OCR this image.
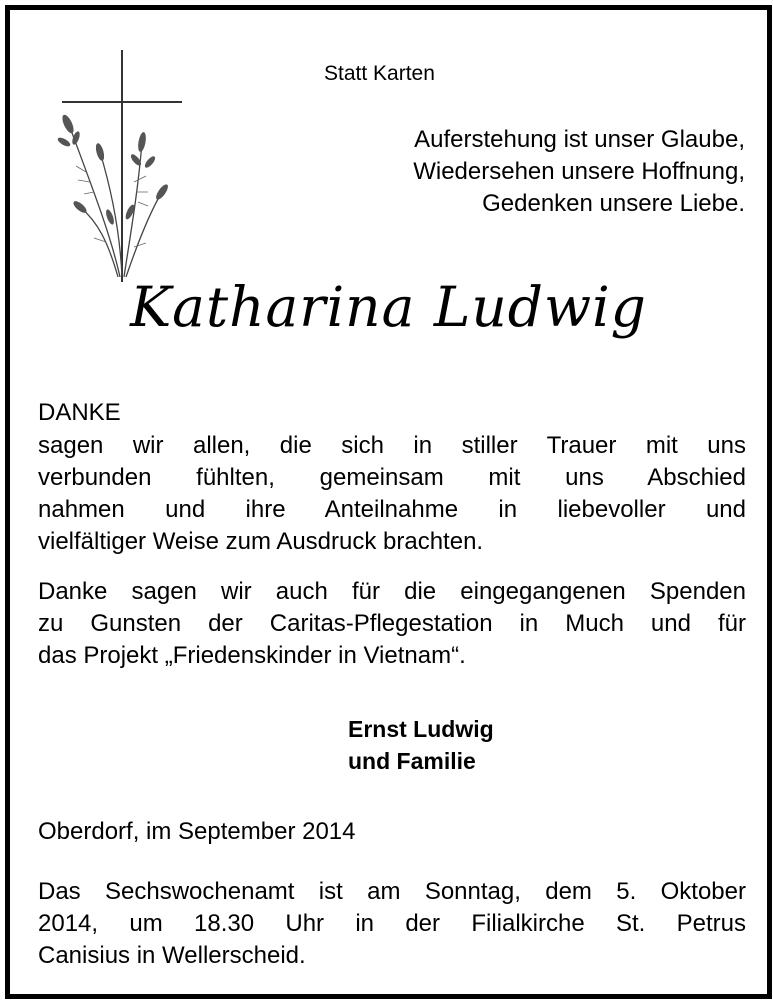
Statt Karten
Auferstehung ist unser Glaube,
Wiedersehen unsere Hoffnung,
Gedenken unsere Liebe.
Katharina Ludwig
DANKE
sagen wir allen, die sich in stiller Trauer mit uns
verbunden fühlten, gemeinsam mit uns Abschied
nahmen und ihre Anteilnahme in liebevoller und
vielfältiger Weise zum Ausdruck brachten.
Danke sagen wir auch für die eingegangenen Spenden
zu Gunsten der Caritas-Pflegestation in Much und für
das Projekt „Friedenskinder in Vietnam“.
Ernst Ludwig
und Familie
Oberdorf, im September 2014
Das Sechswochenamt ist am Sonntag, dem 5. Oktober
2014, um 18.30 Uhr in der Filialkirche St. Petrus
Canisius in Wellerscheid.
